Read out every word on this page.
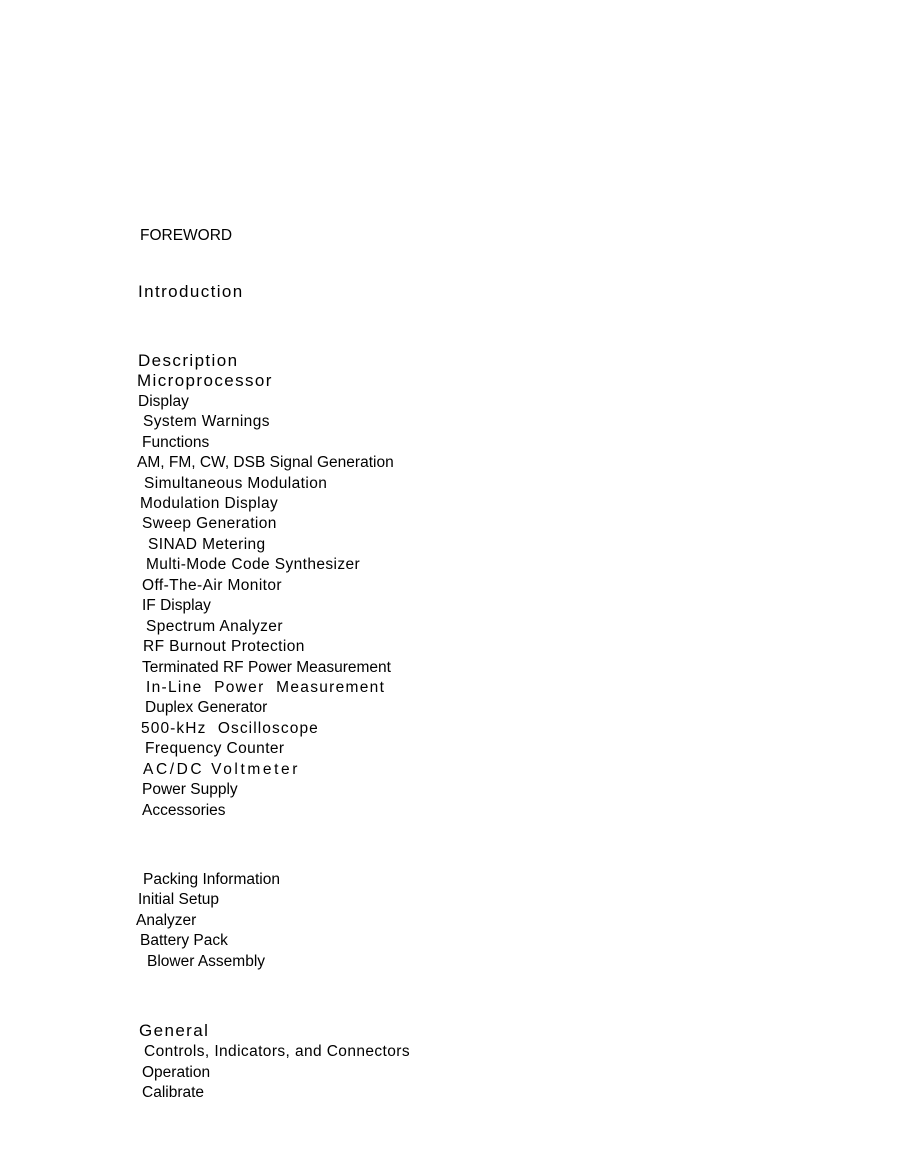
FOREWORD
Introduction
Description
Microprocessor
Display
System Warnings
Functions
AM, FM, CW, DSB Signal Generation
Simultaneous Modulation
Modulation Display
Sweep Generation
SINAD Metering
Multi-Mode Code Synthesizer
Off-The-Air Monitor
IF Display
Spectrum Analyzer
RF Burnout Protection
Terminated RF Power Measurement
In-Line Power Measurement
Duplex Generator
500-kHz Oscilloscope
Frequency Counter
AC/DC Voltmeter
Power Supply
Accessories
Packing Information
Initial Setup
Analyzer
Battery Pack
Blower Assembly
General
Controls, Indicators, and Connectors
Operation
Calibrate
